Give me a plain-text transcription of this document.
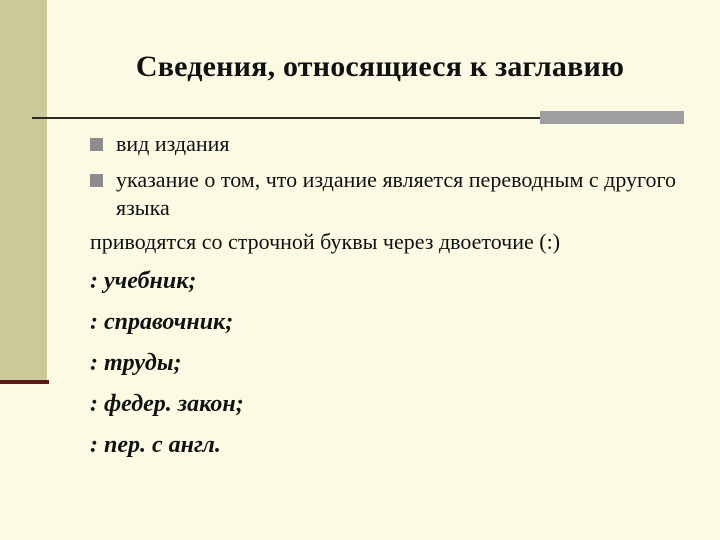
Сведения, относящиеся к заглавию
вид издания
указание о том, что издание является переводным с другого языка
приводятся со строчной буквы через двоеточие (:)
: учебник;
: справочник;
: труды;
: федер. закон;
: пер. с англ.
